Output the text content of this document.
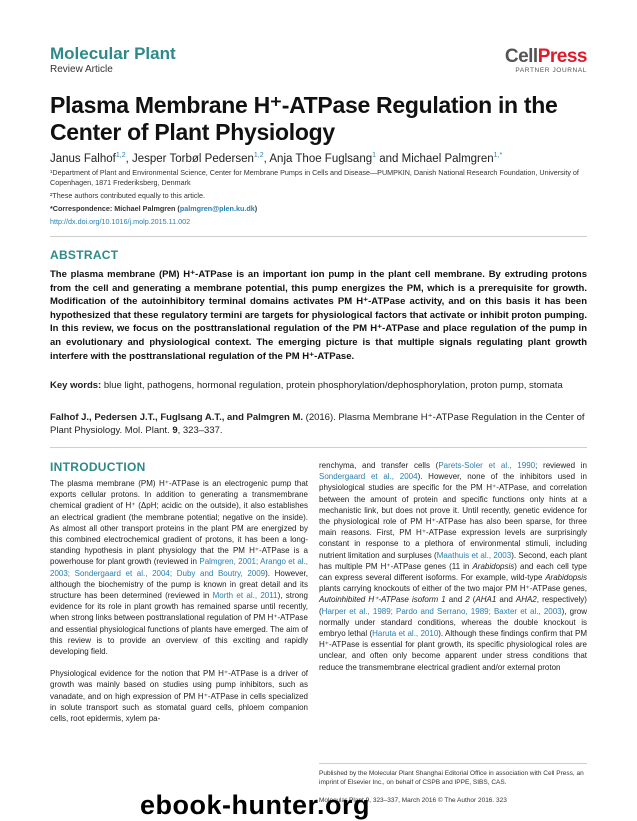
Molecular Plant
Review Article
CellPress
PARTNER JOURNAL
Plasma Membrane H⁺-ATPase Regulation in the
Center of Plant Physiology
Janus Falhof$^{1,2}$, Jesper Torbøl Pedersen$^{1,2}$, Anja Thoe Fuglsang$^1$ and Michael Palmgren$^{1,*}$
¹Department of Plant and Environmental Science, Center for Membrane Pumps in Cells and Disease—PUMPKIN, Danish National Research Foundation, University of Copenhagen, 1871 Frederiksberg, Denmark
²These authors contributed equally to this article.
*Correspondence: Michael Palmgren (palmgren@plen.ku.dk)
http://dx.doi.org/10.1016/j.molp.2015.11.002
ABSTRACT
The plasma membrane (PM) H⁺-ATPase is an important ion pump in the plant cell membrane. By extruding protons from the cell and generating a membrane potential, this pump energizes the PM, which is a prerequisite for growth. Modification of the autoinhibitory terminal domains activates PM H⁺-ATPase activity, and on this basis it has been hypothesized that these regulatory termini are targets for physiological factors that activate or inhibit proton pumping. In this review, we focus on the posttranslational regulation of the PM H⁺-ATPase and place regulation of the pump in an evolutionary and physiological context. The emerging picture is that multiple signals regulating plant growth interfere with the posttranslational regulation of the PM H⁺-ATPase.
Key words: blue light, pathogens, hormonal regulation, protein phosphorylation/dephosphorylation, proton pump, stomata
Falhof J., Pedersen J.T., Fuglsang A.T., and Palmgren M. (2016). Plasma Membrane H⁺-ATPase Regulation in the Center of Plant Physiology. Mol. Plant. 9, 323–337.
INTRODUCTION

The plasma membrane (PM) H⁺-ATPase is an electrogenic pump that exports cellular protons. In addition to generating a transmembrane chemical gradient of H⁺ (ΔpH; acidic on the outside), it also establishes an electrical gradient (the membrane potential; negative on the inside). As almost all other transport proteins in the plant PM are energized by this combined electrochemical gradient of protons, it has been a long-standing hypothesis in plant physiology that the PM H⁺-ATPase is a powerhouse for plant growth (reviewed in Palmgren, 2001; Arango et al., 2003; Sondergaard et al., 2004; Duby and Boutry, 2009). However, although the biochemistry of the pump is known in great detail and its structure has been determined (reviewed in Morth et al., 2011), strong evidence for its role in plant growth has remained sparse until recently, when strong links between posttranslational regulation of PM H⁺-ATPase and essential physiological functions of plants have emerged. The aim of this review is to provide an overview of this exciting and rapidly developing field.

Physiological evidence for the notion that PM H⁺-ATPase is a driver of growth was mainly based on studies using pump inhibitors, such as vanadate, and on high expression of PM H⁺-ATPase in cells specialized in solute transport such as stomatal guard cells, phloem companion cells, root epidermis, xylem pa-

renchyma, and transfer cells (Parets-Soler et al., 1990; reviewed in Sondergaard et al., 2004). However, none of the inhibitors used in physiological studies are specific for the PM H⁺-ATPase, and correlation between the amount of protein and specific functions only hints at a mechanistic link, but does not prove it. Until recently, genetic evidence for the physiological role of PM H⁺-ATPase has also been sparse, for three main reasons. First, PM H⁺-ATPase expression levels are surprisingly constant in response to a plethora of environmental stimuli, including nutrient limitation and surpluses (Maathuis et al., 2003). Second, each plant has multiple PM H⁺-ATPase genes (11 in Arabidopsis) and each cell type can express several different isoforms. For example, wild-type Arabidopsis plants carrying knockouts of either of the two major PM H⁺-ATPase genes, Autoinhibited H⁺-ATPase isoform 1 and 2 (AHA1 and AHA2, respectively) (Harper et al., 1989; Pardo and Serrano, 1989; Baxter et al., 2003), grow normally under standard conditions, whereas the double knockout is embryo lethal (Haruta et al., 2010). Although these findings confirm that PM H⁺-ATPase is essential for plant growth, its specific physiological roles are unclear, and often only become apparent under stress conditions that reduce the transmembrane electrical gradient and/or external proton

Published by the Molecular Plant Shanghai Editorial Office in association with Cell Press, an imprint of Elsevier Inc., on behalf of CSPB and IPPE, SIBS, CAS.
Molecular Plant 9, 323–337, March 2016 © The Author 2016. 323
ebook-hunter.org
